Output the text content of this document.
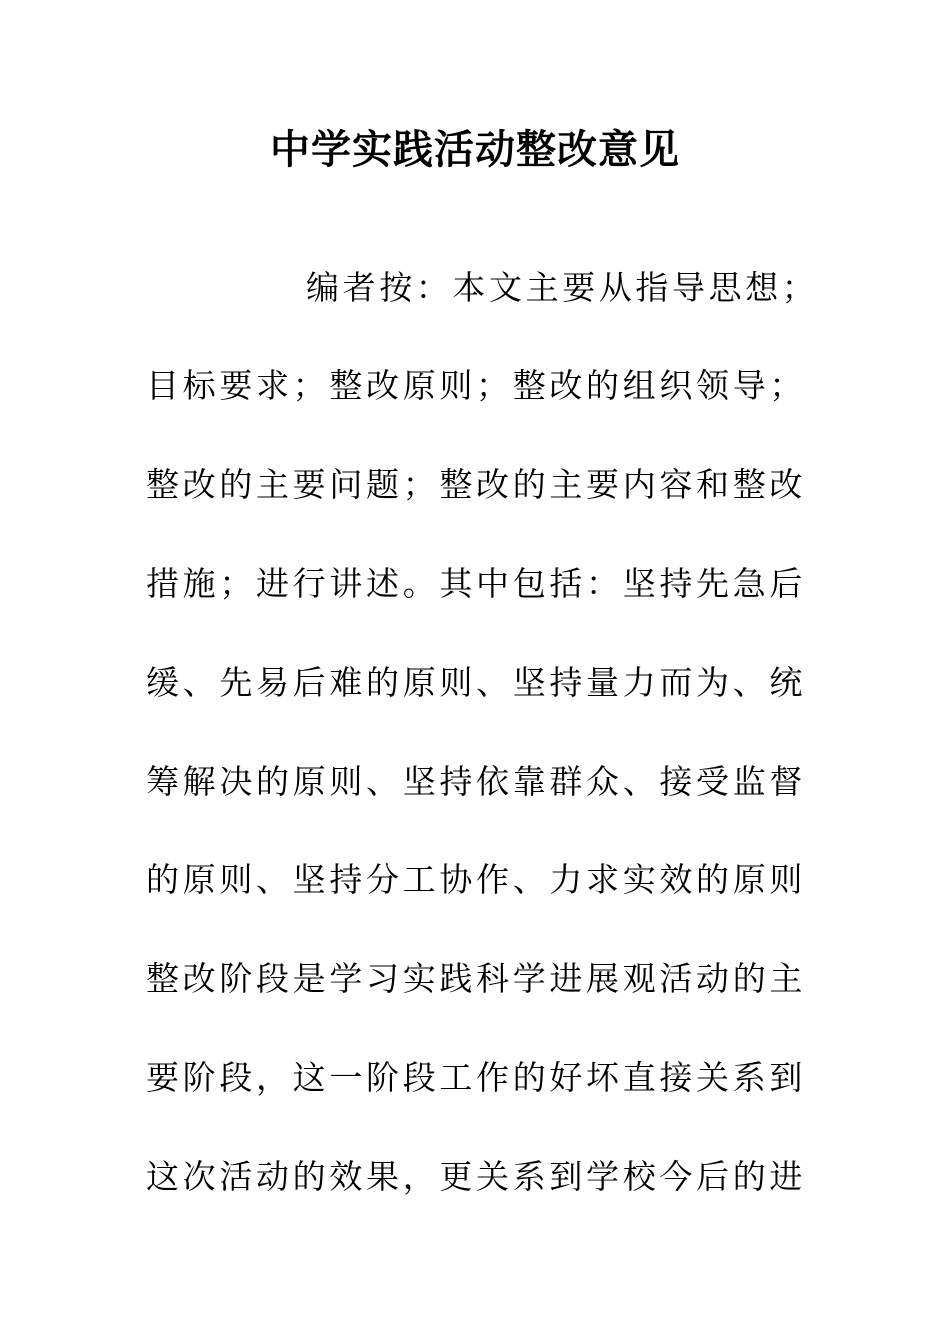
中学实践活动整改意见
编者按：本文主要从指导思想；
目标要求；整改原则；整改的组织领导；
整改的主要问题；整改的主要内容和整改
措施；进行讲述。其中包括：坚持先急后
缓、先易后难的原则、坚持量力而为、统
筹解决的原则、坚持依靠群众、接受监督
的原则、坚持分工协作、力求实效的原则
整改阶段是学习实践科学进展观活动的主
要阶段，这一阶段工作的好坏直接关系到
这次活动的效果，更关系到学校今后的进
